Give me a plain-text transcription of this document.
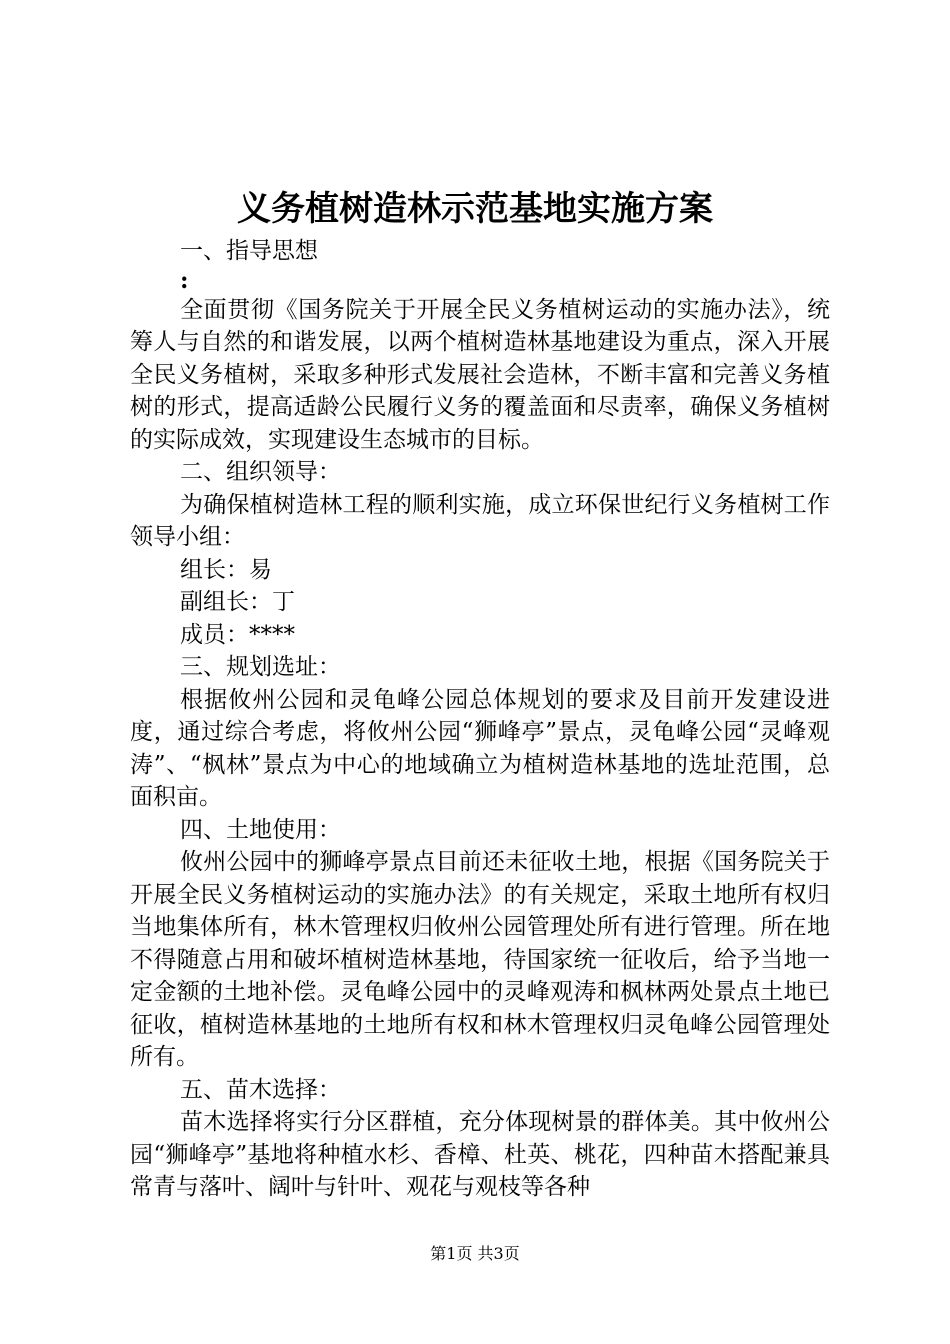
义务植树造林示范基地实施方案

一、指导思想

:

全面贯彻《国务院关于开展全民义务植树运动的实施办法》，统筹人与自然的和谐发展，以两个植树造林基地建设为重点，深入开展全民义务植树，采取多种形式发展社会造林，不断丰富和完善义务植树的形式，提高适龄公民履行义务的覆盖面和尽责率，确保义务植树的实际成效，实现建设生态城市的目标。

二、组织领导：

为确保植树造林工程的顺利实施，成立环保世纪行义务植树工作领导小组：

组长：易

副组长：丁

成员：****

三、规划选址：

根据攸州公园和灵龟峰公园总体规划的要求及目前开发建设进度，通过综合考虑，将攸州公园“狮峰亭”景点，灵龟峰公园“灵峰观涛”、“枫林”景点为中心的地域确立为植树造林基地的选址范围，总面积亩。

四、土地使用：

攸州公园中的狮峰亭景点目前还未征收土地，根据《国务院关于开展全民义务植树运动的实施办法》的有关规定，采取土地所有权归当地集体所有，林木管理权归攸州公园管理处所有进行管理。所在地不得随意占用和破坏植树造林基地，待国家统一征收后，给予当地一定金额的土地补偿。灵龟峰公园中的灵峰观涛和枫林两处景点土地已征收，植树造林基地的土地所有权和林木管理权归灵龟峰公园管理处所有。

五、苗木选择：

苗木选择将实行分区群植，充分体现树景的群体美。其中攸州公园“狮峰亭”基地将种植水杉、香樟、杜英、桃花，四种苗木搭配兼具常青与落叶、阔叶与针叶、观花与观枝等各种

第1页 共3页
